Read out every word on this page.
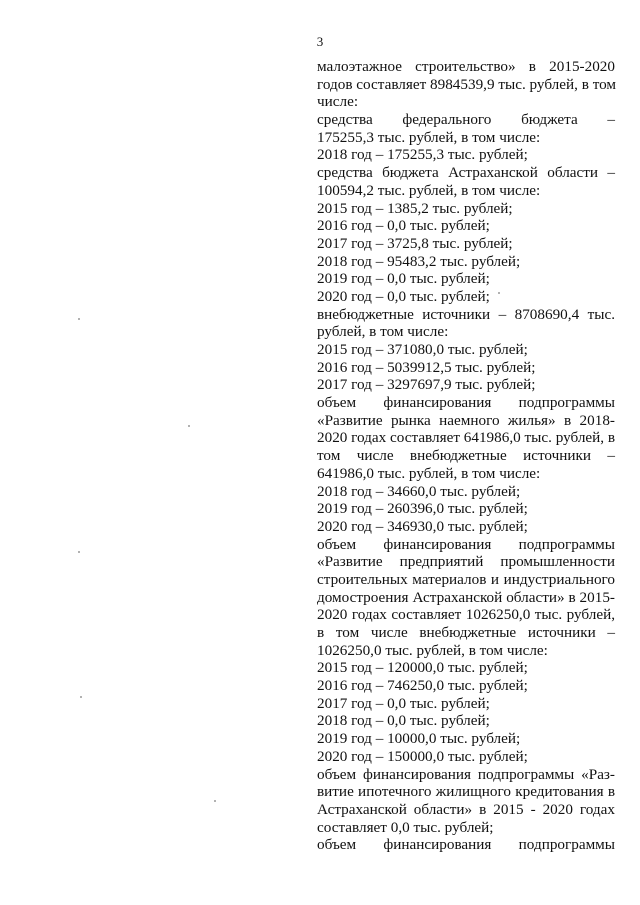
3
малоэтажное строительство» в 2015-2020
годов составляет 8984539,9 тыс. рублей, в том
числе:
средства федерального бюджета –
175255,3 тыс. рублей, в том числе:
2018 год – 175255,3 тыс. рублей;
средства бюджета Астраханской области –
100594,2 тыс. рублей, в том числе:
2015 год – 1385,2 тыс. рублей;
2016 год – 0,0 тыс. рублей;
2017 год – 3725,8 тыс. рублей;
2018 год – 95483,2 тыс. рублей;
2019 год – 0,0 тыс. рублей;
2020 год – 0,0 тыс. рублей;
внебюджетные источники – 8708690,4 тыс.
рублей, в том числе:
2015 год – 371080,0 тыс. рублей;
2016 год – 5039912,5 тыс. рублей;
2017 год – 3297697,9 тыс. рублей;
объем финансирования подпрограммы
«Развитие рынка наемного жилья» в 2018-
2020 годах составляет 641986,0 тыс. рублей, в
том числе внебюджетные источники –
641986,0 тыс. рублей, в том числе:
2018 год – 34660,0 тыс. рублей;
2019 год – 260396,0 тыс. рублей;
2020 год – 346930,0 тыс. рублей;
объем финансирования подпрограммы
«Развитие предприятий промышленности
строительных материалов и индустриального
домостроения Астраханской области» в 2015-
2020 годах составляет 1026250,0 тыс. рублей,
в том числе внебюджетные источники –
1026250,0 тыс. рублей, в том числе:
2015 год – 120000,0 тыс. рублей;
2016 год – 746250,0 тыс. рублей;
2017 год – 0,0 тыс. рублей;
2018 год – 0,0 тыс. рублей;
2019 год – 10000,0 тыс. рублей;
2020 год – 150000,0 тыс. рублей;
объем финансирования подпрограммы «Раз-
витие ипотечного жилищного кредитования в
Астраханской области» в 2015 - 2020 годах
составляет 0,0 тыс. рублей;
объем финансирования подпрограммы
